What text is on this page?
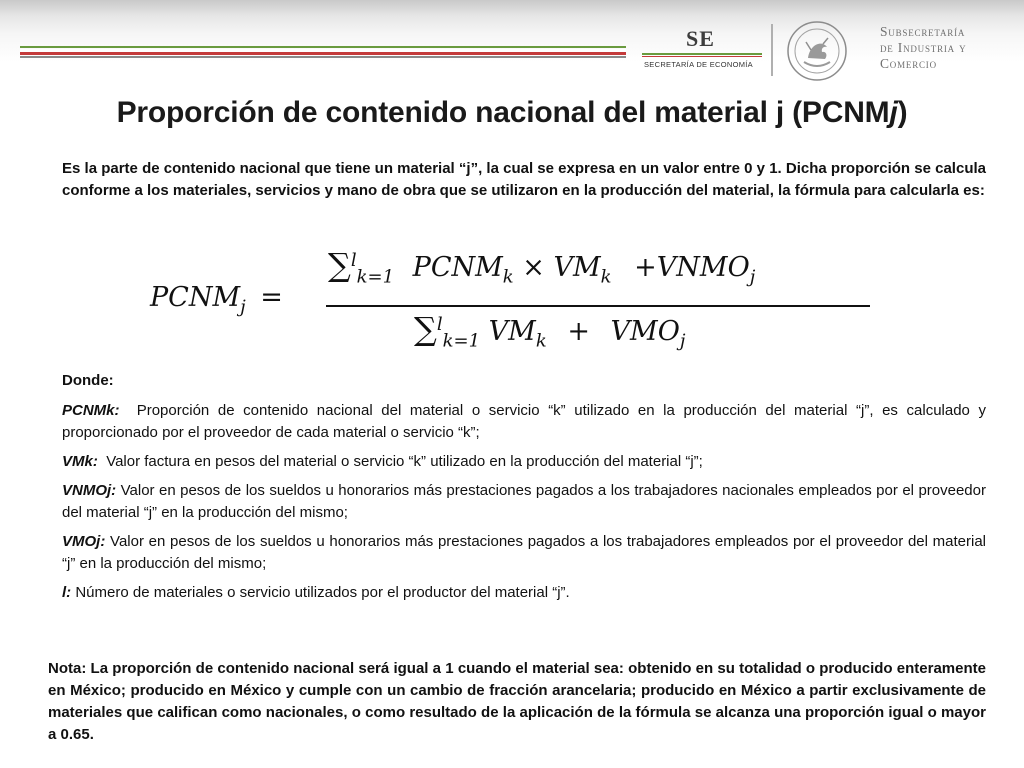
SE
SECRETARÍA DE ECONOMÍA
Subsecretaría
de Industria y
Comercio
Proporción de contenido nacional del material j (PCNMj)
Es la parte de contenido nacional que tiene un material “j”, la cual se expresa en un valor entre 0 y 1. Dicha proporción se calcula conforme a los materiales, servicios y mano de obra que se utilizaron en la producción del material, la fórmula para calcularla es:
$PCNM_j$ =
∑$^l_{k=1}$ $PCNM_k \times VM_k$ $+VNMO_j$
∑$^l_{k=1}$ $VM_k + VMO_j$

Donde:

PCNMk: Proporción de contenido nacional del material o servicio “k” utilizado en la producción del material “j”, es calculado y proporcionado por el proveedor de cada material o servicio “k”;

VMk: Valor factura en pesos del material o servicio “k” utilizado en la producción del material “j”;

VNMOj: Valor en pesos de los sueldos u honorarios más prestaciones pagados a los trabajadores nacionales empleados por el proveedor del material “j” en la producción del mismo;

VMOj: Valor en pesos de los sueldos u honorarios más prestaciones pagados a los trabajadores empleados por el proveedor del material “j” en la producción del mismo;

l: Número de materiales o servicio utilizados por el productor del material “j”.

Nota: La proporción de contenido nacional será igual a 1 cuando el material sea: obtenido en su totalidad o producido enteramente en México; producido en México y cumple con un cambio de fracción arancelaria; producido en México a partir exclusivamente de materiales que califican como nacionales, o como resultado de la aplicación de la fórmula se alcanza una proporción igual o mayor a 0.65.
